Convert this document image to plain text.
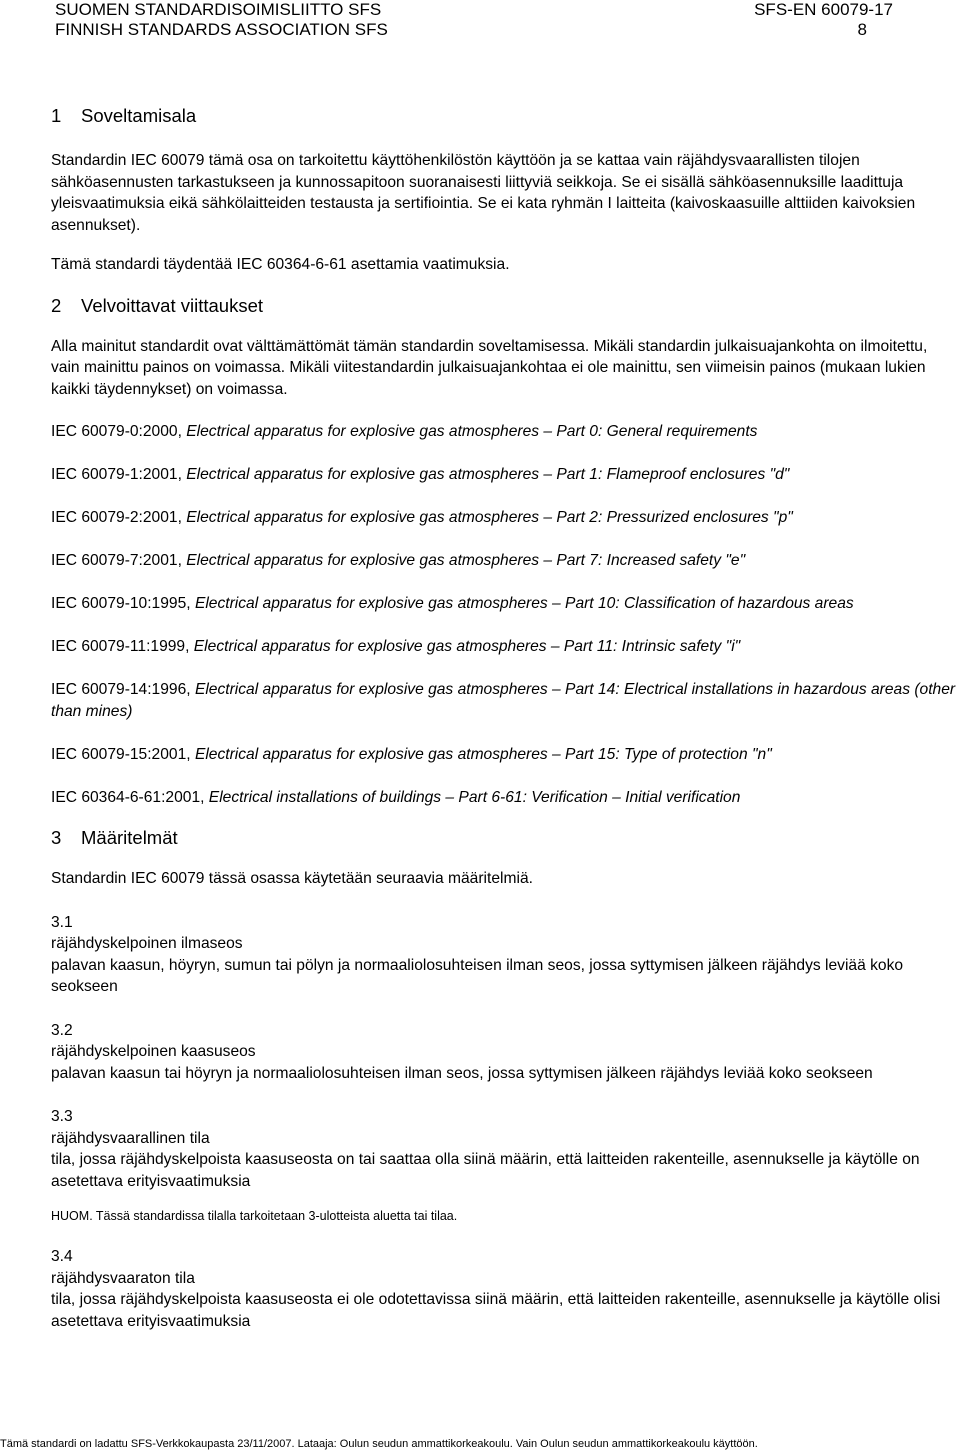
SUOMEN STANDARDISOIMISLIITTO SFS
FINNISH STANDARDS ASSOCIATION SFS
SFS-EN 60079-17
8
1 Soveltamisala

Standardin IEC 60079 tämä osa on tarkoitettu käyttöhenkilöstön käyttöön ja se kattaa vain räjähdysvaarallisten tilojen sähköasennusten tarkastukseen ja kunnossapitoon suoranaisesti liittyviä seikkoja. Se ei sisällä sähköasennuksille laadittuja yleisvaatimuksia eikä sähkölaitteiden testausta ja sertifiointia. Se ei kata ryhmän I laitteita (kaivoskaasuille alttiiden kaivoksien asennukset).

Tämä standardi täydentää IEC 60364-6-61 asettamia vaatimuksia.

2 Velvoittavat viittaukset

Alla mainitut standardit ovat välttämättömät tämän standardin soveltamisessa. Mikäli standardin julkaisuajankohta on ilmoitettu, vain mainittu painos on voimassa. Mikäli viitestandardin julkaisuajankohtaa ei ole mainittu, sen viimeisin painos (mukaan lukien kaikki täydennykset) on voimassa.

IEC 60079-0:2000, Electrical apparatus for explosive gas atmospheres – Part 0: General requirements

IEC 60079-1:2001, Electrical apparatus for explosive gas atmospheres – Part 1: Flameproof enclosures "d"

IEC 60079-2:2001, Electrical apparatus for explosive gas atmospheres – Part 2: Pressurized enclosures "p"

IEC 60079-7:2001, Electrical apparatus for explosive gas atmospheres – Part 7: Increased safety "e"

IEC 60079-10:1995, Electrical apparatus for explosive gas atmospheres – Part 10: Classification of hazardous areas

IEC 60079-11:1999, Electrical apparatus for explosive gas atmospheres – Part 11: Intrinsic safety "i"

IEC 60079-14:1996, Electrical apparatus for explosive gas atmospheres – Part 14: Electrical installations in hazardous areas (other than mines)

IEC 60079-15:2001, Electrical apparatus for explosive gas atmospheres – Part 15: Type of protection "n"

IEC 60364-6-61:2001, Electrical installations of buildings – Part 6-61: Verification – Initial verification

3 Määritelmät

Standardin IEC 60079 tässä osassa käytetään seuraavia määritelmiä.

3.1

räjähdyskelpoinen ilmaseos

palavan kaasun, höyryn, sumun tai pölyn ja normaaliolosuhteisen ilman seos, jossa syttymisen jälkeen räjähdys leviää koko seokseen

3.2

räjähdyskelpoinen kaasuseos

palavan kaasun tai höyryn ja normaaliolosuhteisen ilman seos, jossa syttymisen jälkeen räjähdys leviää koko seokseen

3.3

räjähdysvaarallinen tila

tila, jossa räjähdyskelpoista kaasuseosta on tai saattaa olla siinä määrin, että laitteiden rakenteille, asennukselle ja käytölle on asetettava erityisvaatimuksia

HUOM. Tässä standardissa tilalla tarkoitetaan 3-ulotteista aluetta tai tilaa.

3.4

räjähdysvaaraton tila

tila, jossa räjähdyskelpoista kaasuseosta ei ole odotettavissa siinä määrin, että laitteiden rakenteille, asennukselle ja käytölle olisi asetettava erityisvaatimuksia

Tämä standardi on ladattu SFS-Verkkokaupasta 23/11/2007. Lataaja: Oulun seudun ammattikorkeakoulu. Vain Oulun seudun ammattikorkeakoulu käyttöön.
